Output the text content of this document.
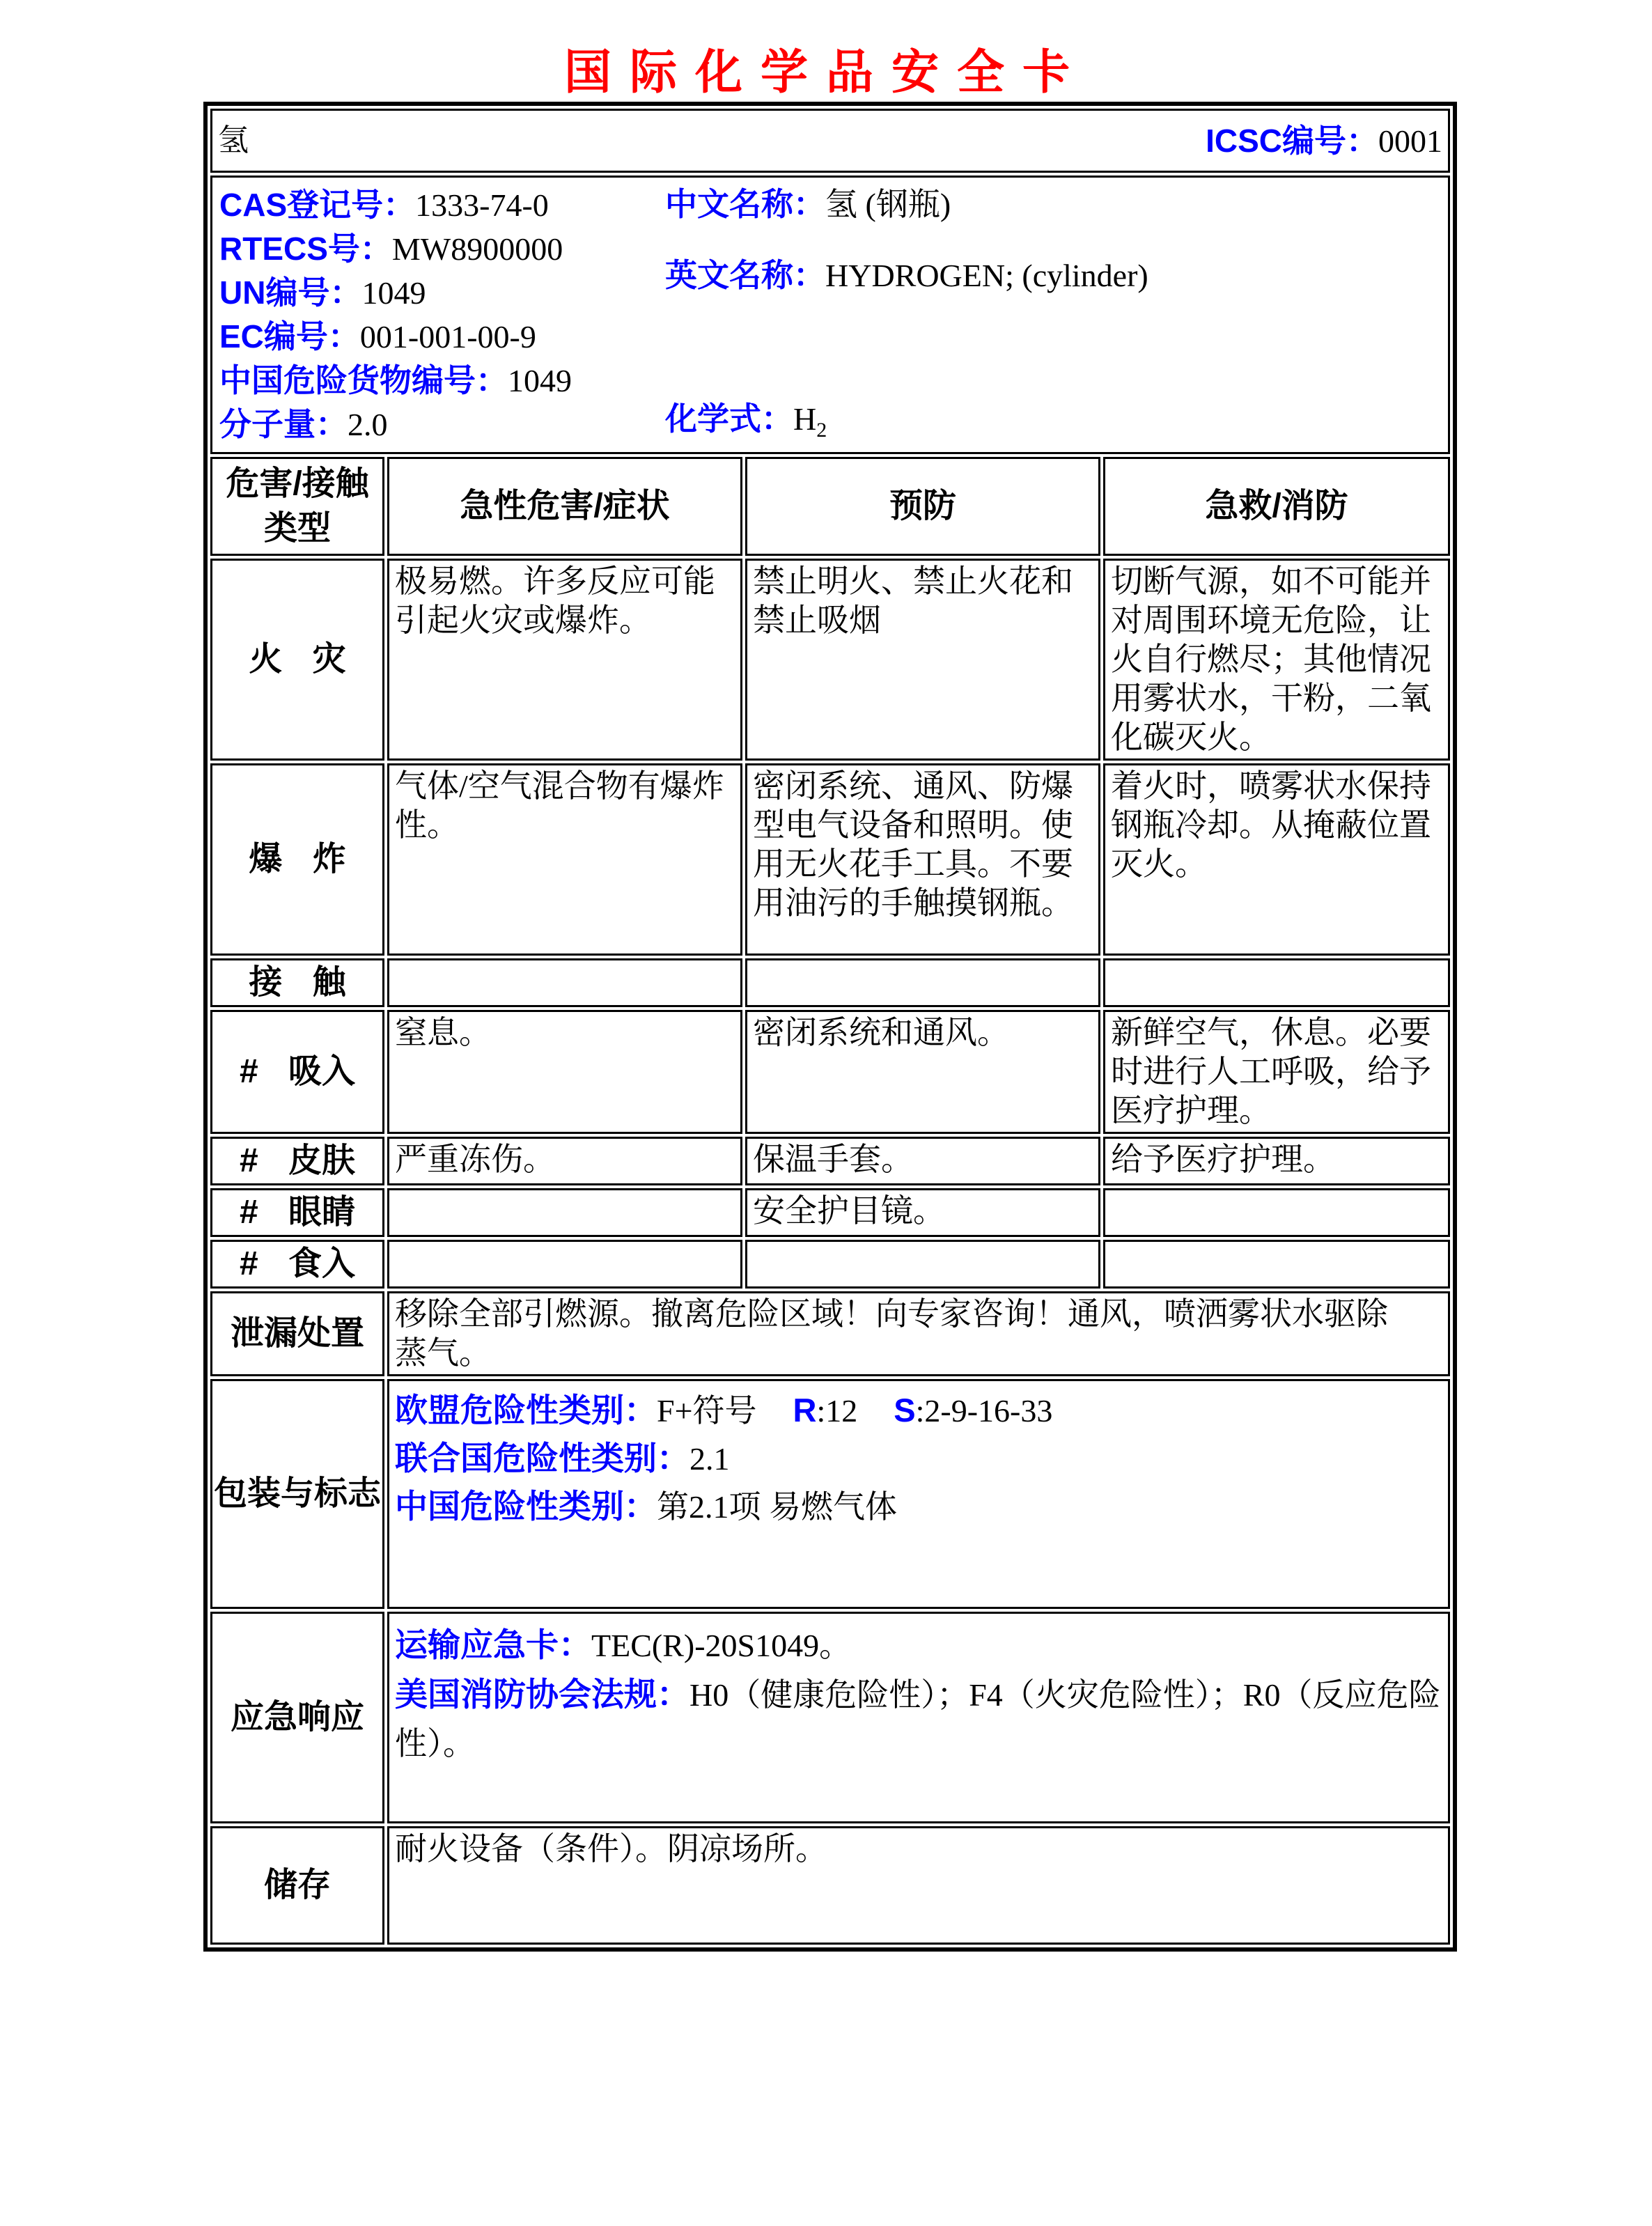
国际化学品安全卡
氢 ICSC编号：0001			

CAS登记号：1333-74-0
RTECS号：MW8900000
UN编号：1049
EC编号：001-001-00-9
中国危险货物编号：1049
分子量：2.0
中文名称：氢 (钢瓶)
英文名称：HYDROGEN; (cylinder)
化学式：$H_2$

危害/接触
类型	急性危害/症状	预防	急救/消防
火 灾	极易燃。许多反应可能引起火灾或爆炸。	禁止明火、禁止火花和禁止吸烟	切断气源，如不可能并对周围环境无危险，让火自行燃尽；其他情况用雾状水，干粉，二氧化碳灭火。
爆 炸	气体/空气混合物有爆炸性。	密闭系统、通风、防爆型电气设备和照明。使用无火花手工具。不要用油污的手触摸钢瓶。	着火时，喷雾状水保持钢瓶冷却。从掩蔽位置灭火。
接 触			
# 吸入	窒息。	密闭系统和通风。	新鲜空气，休息。必要时进行人工呼吸，给予医疗护理。
# 皮肤	严重冻伤。	保温手套。	给予医疗护理。
# 眼睛		安全护目镜。	
# 食入			
泄漏处置	移除全部引燃源。撤离危险区域！向专家咨询！通风，喷洒雾状水驱除蒸气。		
包装与标志	欧盟危险性类别：F+符号 R:12 S:2-9-16-33
联合国危险性类别：2.1
中国危险性类别：第2.1项 易燃气体		

应急响应	运输应急卡：TEC(R)-20S1049。
美国消防协会法规：H0（健康危险性）；F4（火灾危险性）；R0（反应危险性）。		

储存	耐火设备（条件）。阴凉场所。		
